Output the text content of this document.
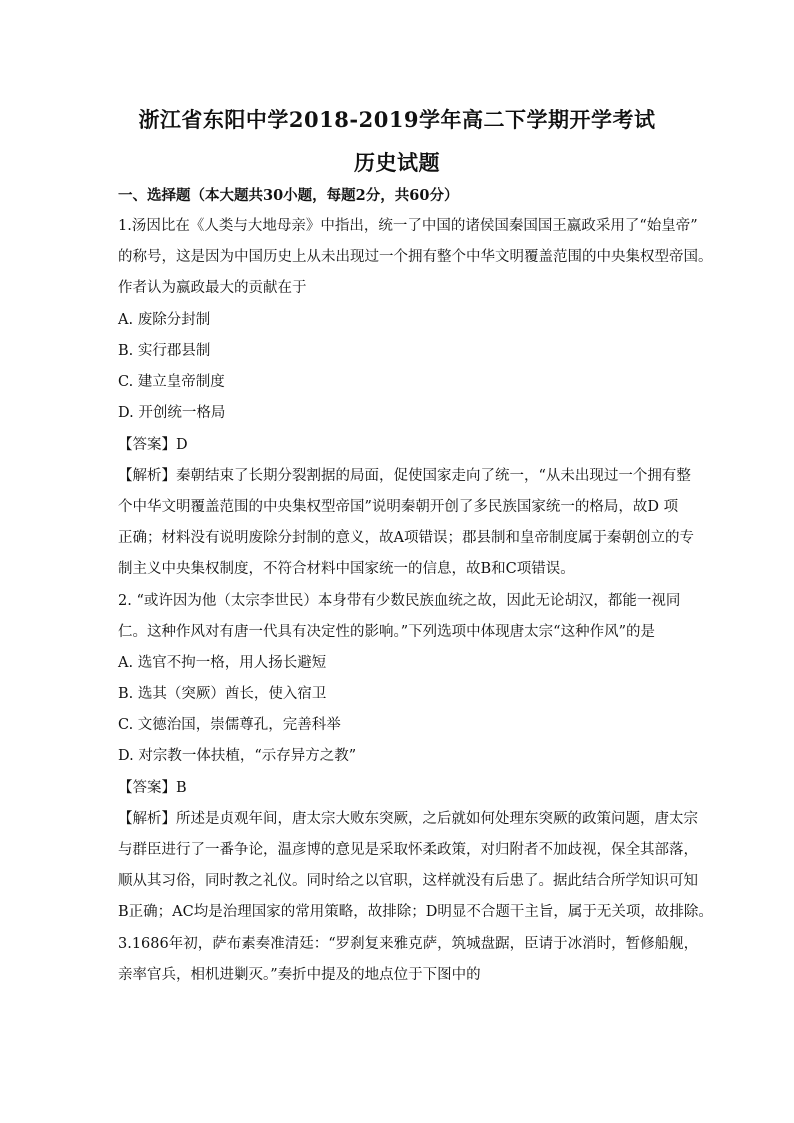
浙江省东阳中学2018-2019学年高二下学期开学考试
历史试题
一、选择题（本大题共30小题，每题2分，共60分）
1.汤因比在《人类与大地母亲》中指出，统一了中国的诸侯国秦国国王嬴政采用了“始皇帝”
的称号，这是因为中国历史上从未出现过一个拥有整个中华文明覆盖范围的中央集权型帝国。
作者认为嬴政最大的贡献在于
A. 废除分封制
B. 实行郡县制
C. 建立皇帝制度
D. 开创统一格局
【答案】D
【解析】秦朝结束了长期分裂割据的局面，促使国家走向了统一，“从未出现过一个拥有整
个中华文明覆盖范围的中央集权型帝国”说明秦朝开创了多民族国家统一的格局，故D 项
正确；材料没有说明废除分封制的意义，故A项错误；郡县制和皇帝制度属于秦朝创立的专
制主义中央集权制度，不符合材料中国家统一的信息，故B和C项错误。
2. “或许因为他（太宗李世民）本身带有少数民族血统之故，因此无论胡汉，都能一视同
仁。这种作风对有唐一代具有决定性的影响。”下列选项中体现唐太宗“这种作风”的是
A. 选官不拘一格，用人扬长避短
B. 选其（突厥）酋长，使入宿卫
C. 文德治国，崇儒尊孔，完善科举
D. 对宗教一体扶植，“示存异方之教”
【答案】B
【解析】所述是贞观年间，唐太宗大败东突厥，之后就如何处理东突厥的政策问题，唐太宗
与群臣进行了一番争论，温彦博的意见是采取怀柔政策，对归附者不加歧视，保全其部落，
顺从其习俗，同时教之礼仪。同时给之以官职，这样就没有后患了。据此结合所学知识可知
B正确；AC均是治理国家的常用策略，故排除；D明显不合题干主旨，属于无关项，故排除。
3.1686年初，萨布素奏准清廷：“罗刹复来雅克萨，筑城盘踞，臣请于冰消时，暂修船舰，
亲率官兵，相机进剿灭。”奏折中提及的地点位于下图中的
